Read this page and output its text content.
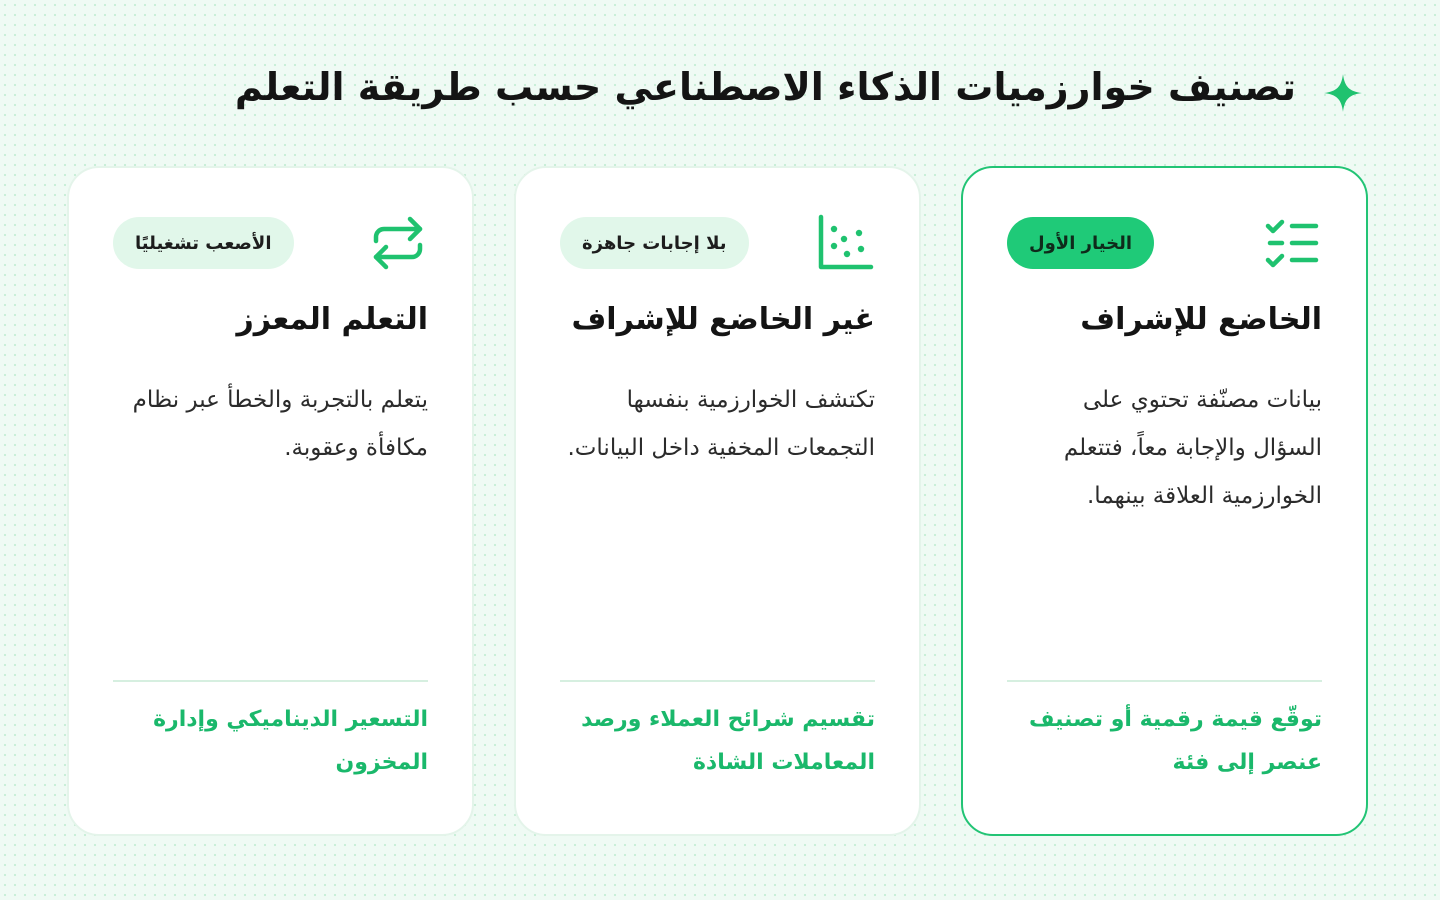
تصنيف خوارزميات الذكاء الاصطناعي حسب طريقة التعلم
الخيار الأول
الخاضع للإشراف

بيانات مصنّفة تحتوي على السؤال والإجابة معاً، فتتعلم الخوارزمية العلاقة بينهما.

توقّع قيمة رقمية أو تصنيف عنصر إلى فئة

بلا إجابات جاهزة
غير الخاضع للإشراف

تكتشف الخوارزمية بنفسها التجمعات المخفية داخل البيانات.

تقسيم شرائح العملاء ورصد المعاملات الشاذة

الأصعب تشغيليًا
التعلم المعزز

يتعلم بالتجربة والخطأ عبر نظام مكافأة وعقوبة.

التسعير الديناميكي وإدارة المخزون
